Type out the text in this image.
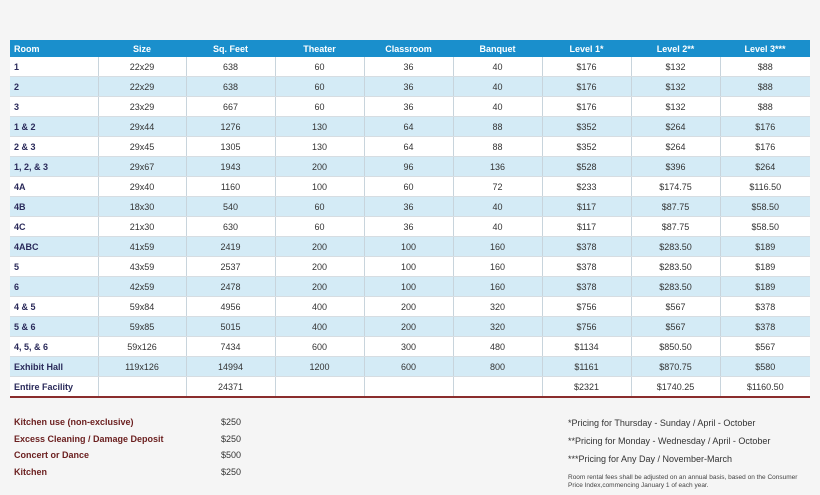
Room	Size	Sq. Feet	Theater	Classroom	Banquet	Level 1*	Level 2**	Level 3***
1	22x29	638	60	36	40	$176	$132	$88
2	22x29	638	60	36	40	$176	$132	$88
3	23x29	667	60	36	40	$176	$132	$88
1 & 2	29x44	1276	130	64	88	$352	$264	$176
2 & 3	29x45	1305	130	64	88	$352	$264	$176
1, 2, & 3	29x67	1943	200	96	136	$528	$396	$264
4A	29x40	1160	100	60	72	$233	$174.75	$116.50
4B	18x30	540	60	36	40	$117	$87.75	$58.50
4C	21x30	630	60	36	40	$117	$87.75	$58.50
4ABC	41x59	2419	200	100	160	$378	$283.50	$189
5	43x59	2537	200	100	160	$378	$283.50	$189
6	42x59	2478	200	100	160	$378	$283.50	$189
4 & 5	59x84	4956	400	200	320	$756	$567	$378
5 & 6	59x85	5015	400	200	320	$756	$567	$378
4, 5, & 6	59x126	7434	600	300	480	$1134	$850.50	$567
Exhibit Hall	119x126	14994	1200	600	800	$1161	$870.75	$580
Entire Facility		24371				$2321	$1740.25	$1160.50
Kitchen use (non-exclusive)	$250
Excess Cleaning / Damage Deposit	$250
Concert or Dance	$500
Kitchen	$250
*Pricing for Thursday - Sunday / April - October
**Pricing for Monday - Wednesday / April - October
***Pricing for Any Day / November-March
Room rental fees shall be adjusted on an annual basis, based on the Consumer Price Index,commencing January 1 of each year.
